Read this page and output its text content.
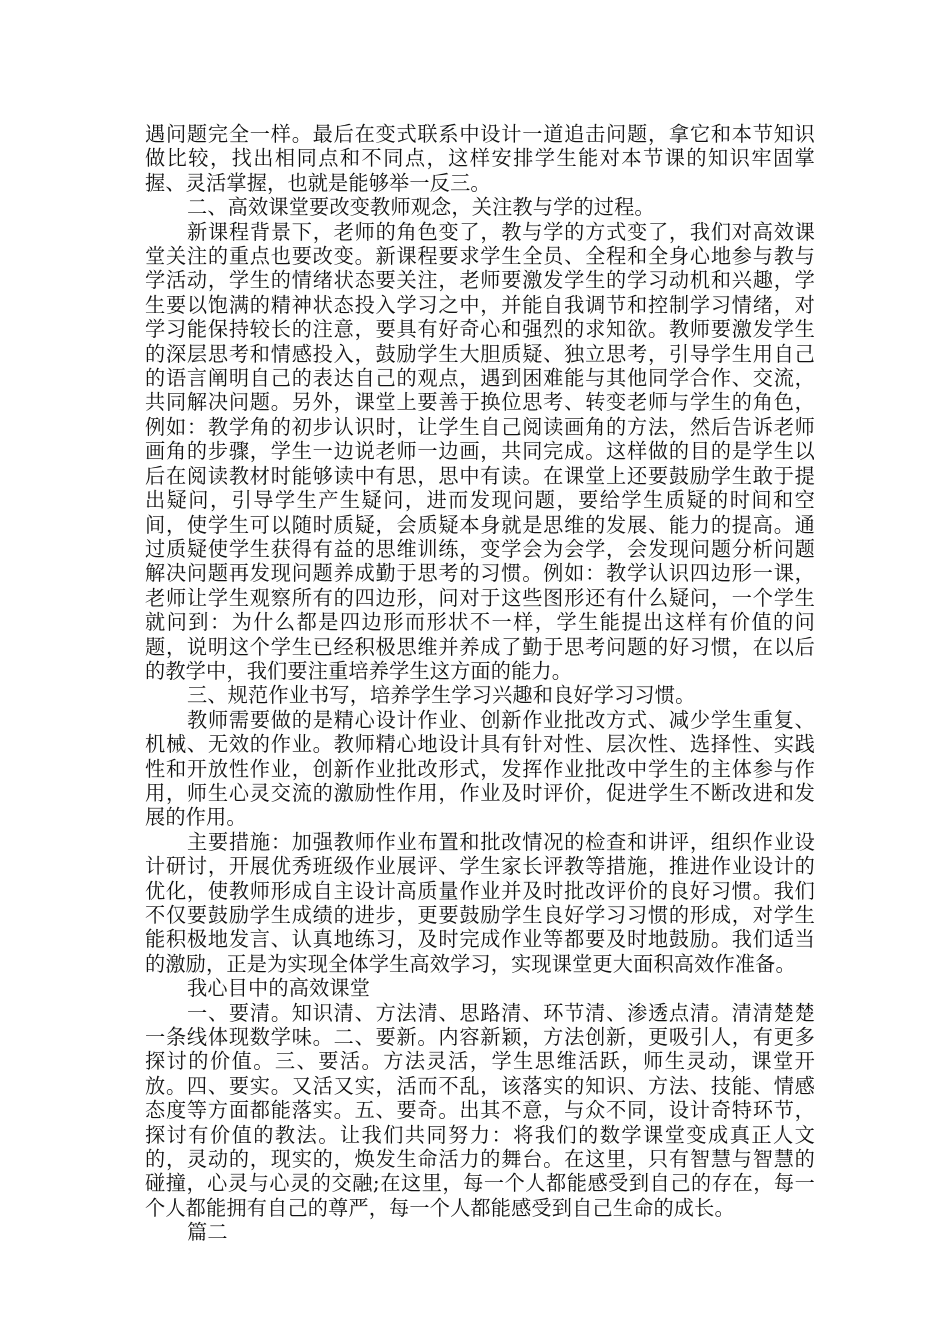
遇问题完全一样。最后在变式联系中设计一道追击问题，拿它和本节知识做比较，找出相同点和不同点，这样安排学生能对本节课的知识牢固掌握、灵活掌握，也就是能够举一反三。

二、高效课堂要改变教师观念，关注教与学的过程。

新课程背景下，老师的角色变了，教与学的方式变了，我们对高效课堂关注的重点也要改变。新课程要求学生全员、全程和全身心地参与教与学活动，学生的情绪状态要关注，老师要激发学生的学习动机和兴趣，学生要以饱满的精神状态投入学习之中，并能自我调节和控制学习情绪，对学习能保持较长的注意，要具有好奇心和强烈的求知欲。教师要激发学生的深层思考和情感投入，鼓励学生大胆质疑、独立思考，引导学生用自己的语言阐明自己的表达自己的观点，遇到困难能与其他同学合作、交流，共同解决问题。另外，课堂上要善于换位思考、转变老师与学生的角色，例如：教学角的初步认识时，让学生自己阅读画角的方法，然后告诉老师画角的步骤，学生一边说老师一边画，共同完成。这样做的目的是学生以后在阅读教材时能够读中有思，思中有读。在课堂上还要鼓励学生敢于提出疑问，引导学生产生疑问，进而发现问题，要给学生质疑的时间和空间，使学生可以随时质疑，会质疑本身就是思维的发展、能力的提高。通过质疑使学生获得有益的思维训练，变学会为会学，会发现问题分析问题解决问题再发现问题养成勤于思考的习惯。例如：教学认识四边形一课，老师让学生观察所有的四边形，问对于这些图形还有什么疑问，一个学生就问到：为什么都是四边形而形状不一样，学生能提出这样有价值的问题，说明这个学生已经积极思维并养成了勤于思考问题的好习惯，在以后的教学中，我们要注重培养学生这方面的能力。

三、规范作业书写，培养学生学习兴趣和良好学习习惯。

教师需要做的是精心设计作业、创新作业批改方式、减少学生重复、机械、无效的作业。教师精心地设计具有针对性、层次性、选择性、实践性和开放性作业，创新作业批改形式，发挥作业批改中学生的主体参与作用，师生心灵交流的激励性作用，作业及时评价，促进学生不断改进和发展的作用。

主要措施：加强教师作业布置和批改情况的检查和讲评，组织作业设计研讨，开展优秀班级作业展评、学生家长评教等措施，推进作业设计的优化，使教师形成自主设计高质量作业并及时批改评价的良好习惯。我们不仅要鼓励学生成绩的进步，更要鼓励学生良好学习习惯的形成，对学生能积极地发言、认真地练习，及时完成作业等都要及时地鼓励。我们适当的激励，正是为实现全体学生高效学习，实现课堂更大面积高效作准备。

我心目中的高效课堂

一、要清。知识清、方法清、思路清、环节清、渗透点清。清清楚楚一条线体现数学味。二、要新。内容新颖，方法创新，更吸引人，有更多探讨的价值。三、要活。方法灵活，学生思维活跃，师生灵动，课堂开放。四、要实。又活又实，活而不乱，该落实的知识、方法、技能、情感态度等方面都能落实。五、要奇。出其不意，与众不同，设计奇特环节，探讨有价值的教法。让我们共同努力：将我们的数学课堂变成真正人文的，灵动的，现实的，焕发生命活力的舞台。在这里，只有智慧与智慧的碰撞，心灵与心灵的交融;在这里，每一个人都能感受到自己的存在，每一个人都能拥有自己的尊严，每一个人都能感受到自己生命的成长。

篇二
